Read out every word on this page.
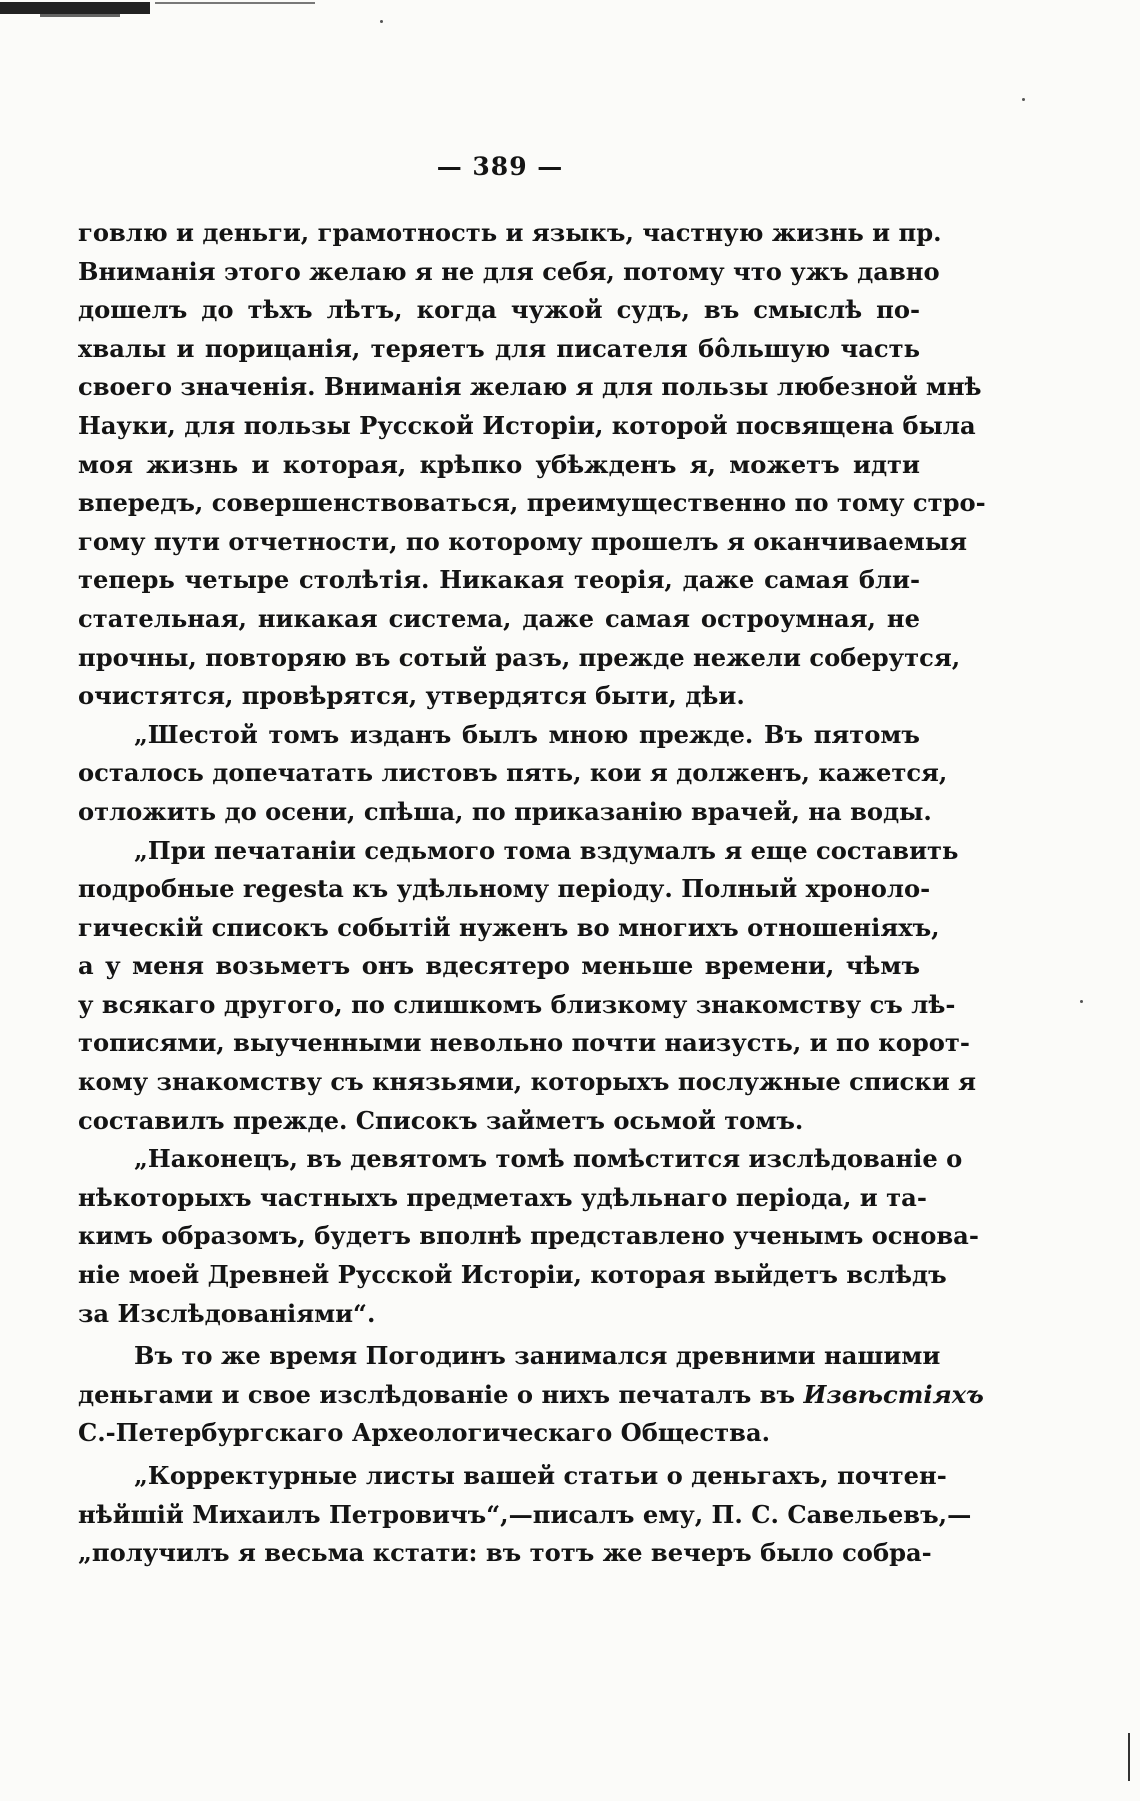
— 389 —
говлю и деньги, грамотность и языкъ, частную жизнь и пр.
Вниманія этого желаю я не для себя, потому что ужъ давно
дошелъ до тѣхъ лѣтъ, когда чужой судъ, въ смыслѣ по-
хвалы и порицанія, теряетъ для писателя бо̂льшую часть
своего значенія. Вниманія желаю я для пользы любезной мнѣ
Науки, для пользы Русской Исторіи, которой посвящена была
моя жизнь и которая, крѣпко убѣжденъ я, можетъ идти
впередъ, совершенствоваться, преимущественно по тому стро-
гому пути отчетности, по которому прошелъ я оканчиваемыя
теперь четыре столѣтія. Никакая теорія, даже самая бли-
стательная, никакая система, даже самая остроумная, не
прочны, повторяю въ сотый разъ, прежде нежели соберутся,
очистятся, провѣрятся, утвердятся быти, дѣи.
„Шестой томъ изданъ былъ мною прежде. Въ пятомъ
осталось допечатать листовъ пять, кои я долженъ, кажется,
отложить до осени, спѣша, по приказанію врачей, на воды.
„При печатаніи седьмого тома вздумалъ я еще составить
подробные regesta къ удѣльному періоду. Полный хроноло-
гическій списокъ событій нуженъ во многихъ отношеніяхъ,
а у меня возьметъ онъ вдесятеро меньше времени, чѣмъ
у всякаго другого, по слишкомъ близкому знакомству съ лѣ-
тописями, выученными невольно почти наизусть, и по корот-
кому знакомству съ князьями, которыхъ послужные списки я
составилъ прежде. Списокъ займетъ осьмой томъ.
„Наконецъ, въ девятомъ томѣ помѣстится изслѣдованіе о
нѣкоторыхъ частныхъ предметахъ удѣльнаго періода, и та-
кимъ образомъ, будетъ вполнѣ представлено ученымъ основа-
ніе моей Древней Русской Исторіи, которая выйдетъ вслѣдъ
за Изслѣдованіями“.
Въ то же время Погодинъ занимался древними нашими
деньгами и свое изслѣдованіе о нихъ печаталъ въ Извѣстіяхъ
С.-Петербургскаго Археологическаго Общества.
„Корректурные листы вашей статьи о деньгахъ, почтен-
нѣйшій Михаилъ Петровичъ“,—писалъ ему, П. С. Савельевъ,—
„получилъ я весьма кстати: въ тотъ же вечеръ было собра-
